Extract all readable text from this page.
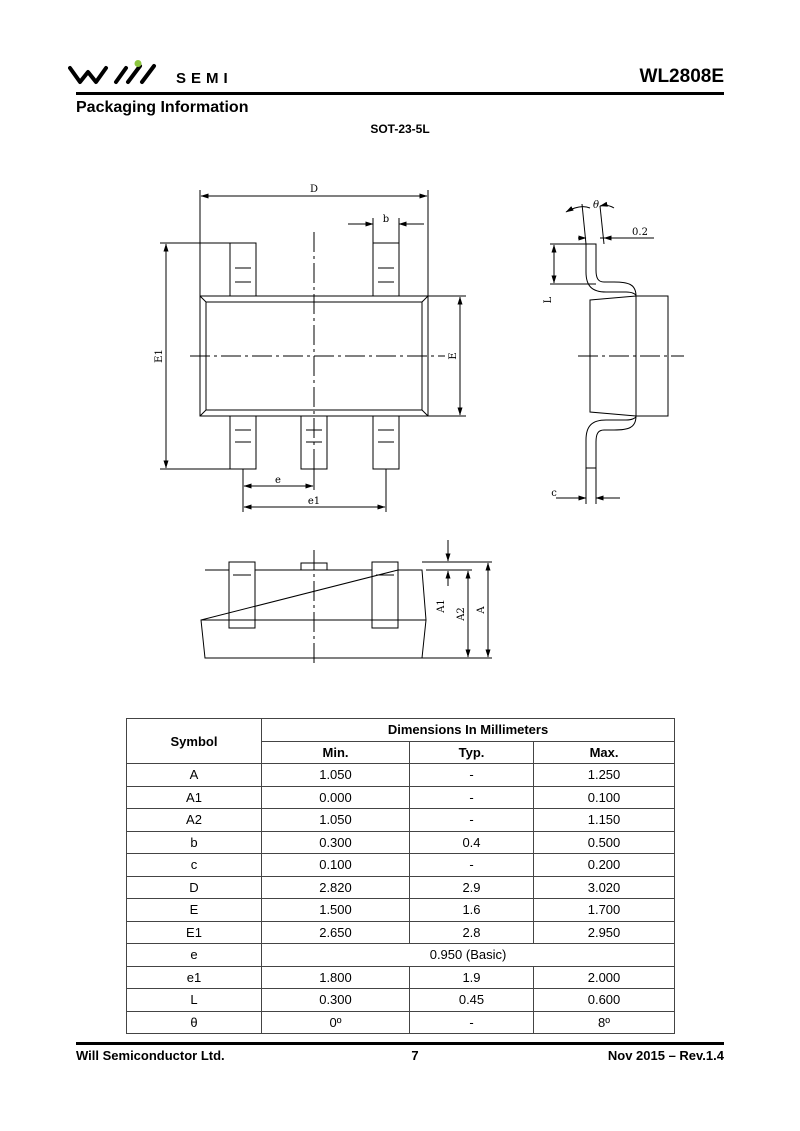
SEMI	WL2808E
Packaging Information
SOT-23-5L
D
b
E1	E
e
e1
θ
0.2
L
c
A1
A2 A
Symbol	Dimensions In Millimeters		
	Min.	Typ.	Max.
A	1.050	-	1.250
A1	0.000	-	0.100
A2	1.050	-	1.150
b	0.300	0.4	0.500
c	0.100	-	0.200
D	2.820	2.9	3.020
E	1.500	1.6	1.700
E1	2.650	2.8	2.950
e	0.950 (Basic)		
e1	1.800	1.9	2.000
L	0.300	0.45	0.600
θ	0º	-	8º
Will Semiconductor Ltd.	7	Nov 2015 – Rev.1.4
